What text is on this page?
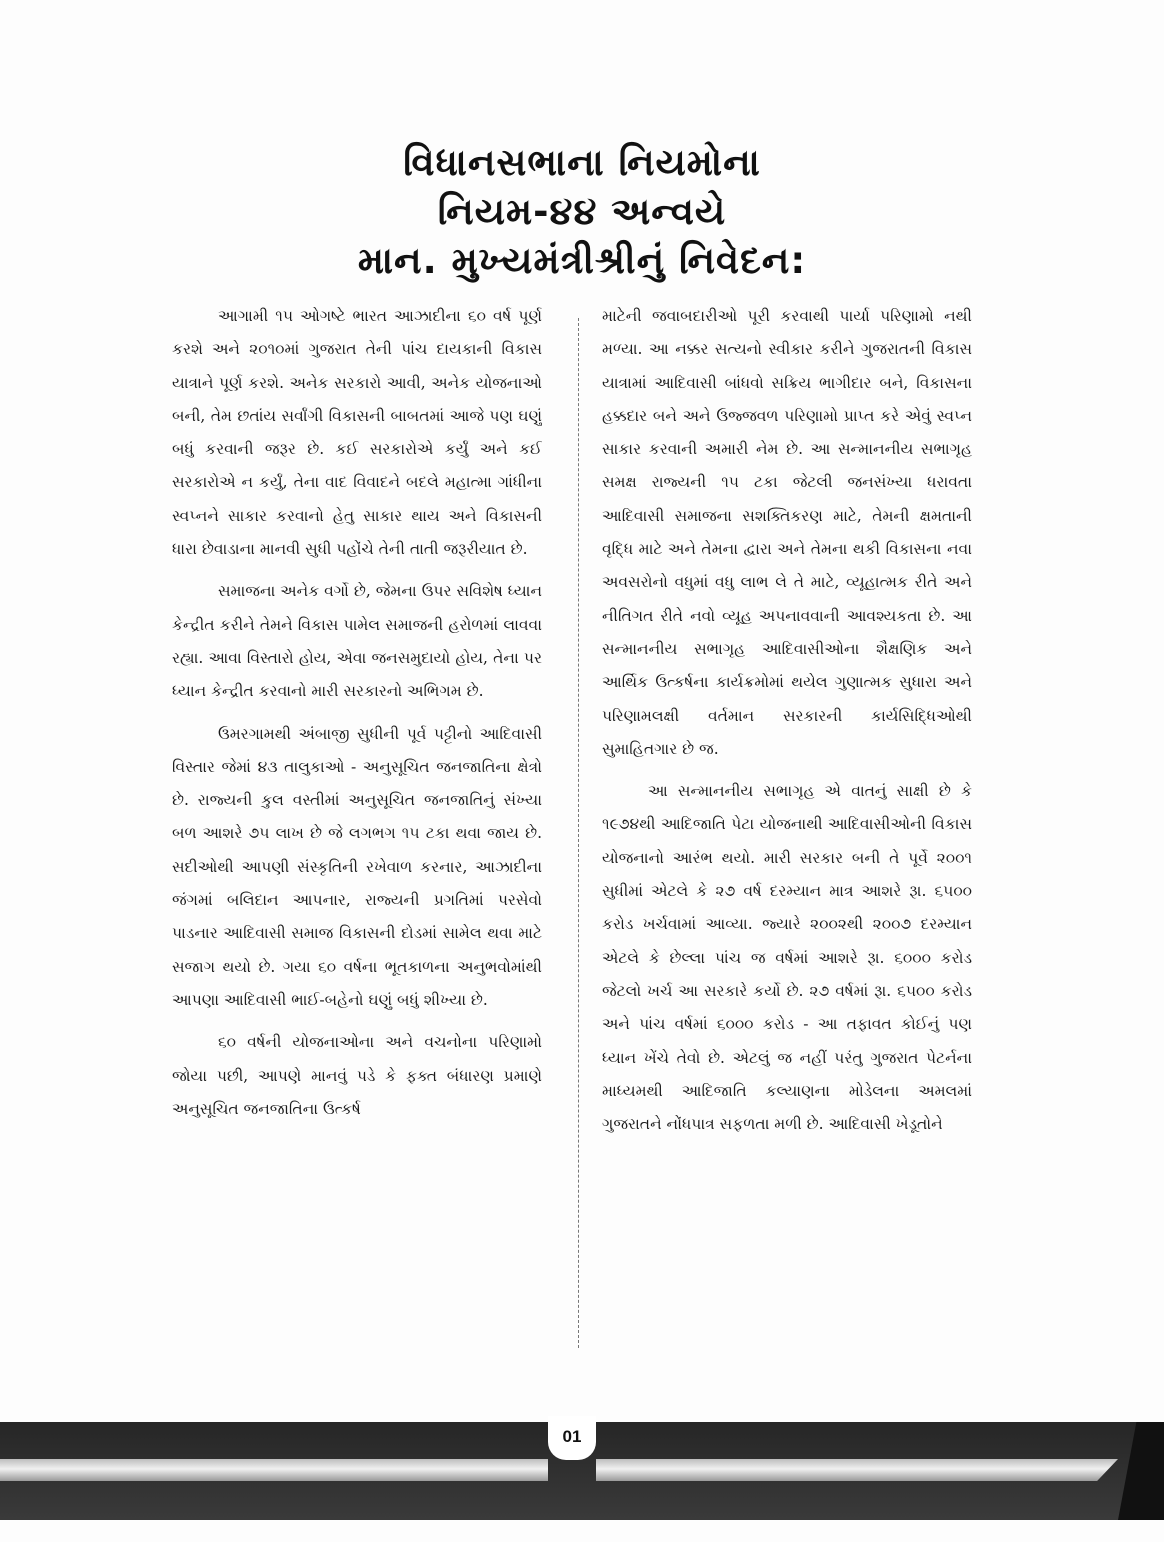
વિધાનસભાના નિયમોના
નિયમ-૪૪ અન્વયે
માન. મુખ્યમંત્રીશ્રીનું નિવેદન:

આગામી ૧૫ ઓગષ્ટે ભારત આઝાદીના ૬૦ વર્ષ પૂર્ણ કરશે અને ૨૦૧૦માં ગુજરાત તેની પાંચ દાયકાની વિકાસ યાત્રાને પૂર્ણ કરશે. અનેક સરકારો આવી, અનેક યોજનાઓ બની, તેમ છતાંય સર્વાંગી વિકાસની બાબતમાં આજે પણ ઘણું બધું કરવાની જરૂર છે. કઈ સરકારોએ કર્યું અને કઈ સરકારોએ ન કર્યું, તેના વાદ વિવાદને બદલે મહાત્મા ગાંધીના સ્વપ્નને સાકાર કરવાનો હેતુ સાકાર થાય અને વિકાસની ધારા છેવાડાના માનવી સુધી પહોંચે તેની તાતી જરૂરીયાત છે.

સમાજના અનેક વર્ગો છે, જેમના ઉપર સવિશેષ ધ્યાન કેન્દ્રીત કરીને તેમને વિકાસ પામેલ સમાજની હરોળમાં લાવવા રહ્યા. આવા વિસ્તારો હોય, એવા જનસમુદાયો હોય, તેના પર ધ્યાન કેન્દ્રીત કરવાનો મારી સરકારનો અભિગમ છે.

ઉમરગામથી અંબાજી સુધીની પૂર્વ પટ્ટીનો આદિવાસી વિસ્તાર જેમાં ૪૩ તાલુકાઓ - અનુસૂચિત જનજાતિના ક્ષેત્રો છે. રાજ્યની કુલ વસ્તીમાં અનુસૂચિત જનજાતિનું સંખ્યા બળ આશરે ૭૫ લાખ છે જે લગભગ ૧૫ ટકા થવા જાય છે. સદીઓથી આપણી સંસ્કૃતિની રખેવાળ કરનાર, આઝાદીના જંગમાં બલિદાન આપનાર, રાજ્યની પ્રગતિમાં પરસેવો પાડનાર આદિવાસી સમાજ વિકાસની દોડમાં સામેલ થવા માટે સજાગ થયો છે. ગયા ૬૦ વર્ષના ભૂતકાળના અનુભવોમાંથી આપણા આદિવાસી ભાઈ-બહેનો ઘણું બધું શીખ્યા છે.

૬૦ વર્ષની યોજનાઓના અને વચનોના પરિણામો જોયા પછી, આપણે માનવું પડે કે ફક્ત બંધારણ પ્રમાણે અનુસૂચિત જનજાતિના ઉત્કર્ષ

માટેની જવાબદારીઓ પૂરી કરવાથી પાર્યા પરિણામો નથી મળ્યા. આ નક્કર સત્યનો સ્વીકાર કરીને ગુજરાતની વિકાસ યાત્રામાં આદિવાસી બાંધવો સક્રિય ભાગીદાર બને, વિકાસના હક્કદાર બને અને ઉજ્જવળ પરિણામો પ્રાપ્ત કરે એવું સ્વપ્ન સાકાર કરવાની અમારી નેમ છે. આ સન્માનનીય સભાગૃહ સમક્ષ રાજ્યની ૧૫ ટકા જેટલી જનસંખ્યા ધરાવતા આદિવાસી સમાજના સશક્તિકરણ માટે, તેમની ક્ષમતાની વૃદ્ધિ માટે અને તેમના દ્વારા અને તેમના થકી વિકાસના નવા અવસરોનો વધુમાં વધુ લાભ લે તે માટે, વ્યૂહાત્મક રીતે અને નીતિગત રીતે નવો વ્યૂહ અપનાવવાની આવશ્યકતા છે. આ સન્માનનીય સભાગૃહ આદિવાસીઓના શૈક્ષણિક અને આર્થિક ઉત્કર્ષના કાર્યક્રમોમાં થયેલ ગુણાત્મક સુધારા અને પરિણામલક્ષી વર્તમાન સરકારની કાર્યસિદ્ધિઓથી સુમાહિતગાર છે જ.

આ સન્માનનીય સભાગૃહ એ વાતનું સાક્ષી છે કે ૧૯૭૪થી આદિજાતિ પેટા યોજનાથી આદિવાસીઓની વિકાસ યોજનાનો આરંભ થયો. મારી સરકાર બની તે પૂર્વે ૨૦૦૧ સુધીમાં એટલે કે ૨૭ વર્ષ દરમ્યાન માત્ર આશરે રૂા. ૬૫૦૦ કરોડ ખર્ચવામાં આવ્યા. જ્યારે ૨૦૦૨થી ૨૦૦૭ દરમ્યાન એટલે કે છેલ્લા પાંચ જ વર્ષમાં આશરે રૂા. ૬૦૦૦ કરોડ જેટલો ખર્ચ આ સરકારે કર્યો છે. ૨૭ વર્ષમાં રૂા. ૬૫૦૦ કરોડ અને પાંચ વર્ષમાં ૬૦૦૦ કરોડ - આ તફાવત કોઈનું પણ ધ્યાન ખેંચે તેવો છે. એટલું જ નહીં પરંતુ ગુજરાત પેટર્નના માધ્યમથી આદિજાતિ કલ્યાણના મોડેલના અમલમાં ગુજરાતને નોંધપાત્ર સફળતા મળી છે. આદિવાસી ખેડૂતોને

01
